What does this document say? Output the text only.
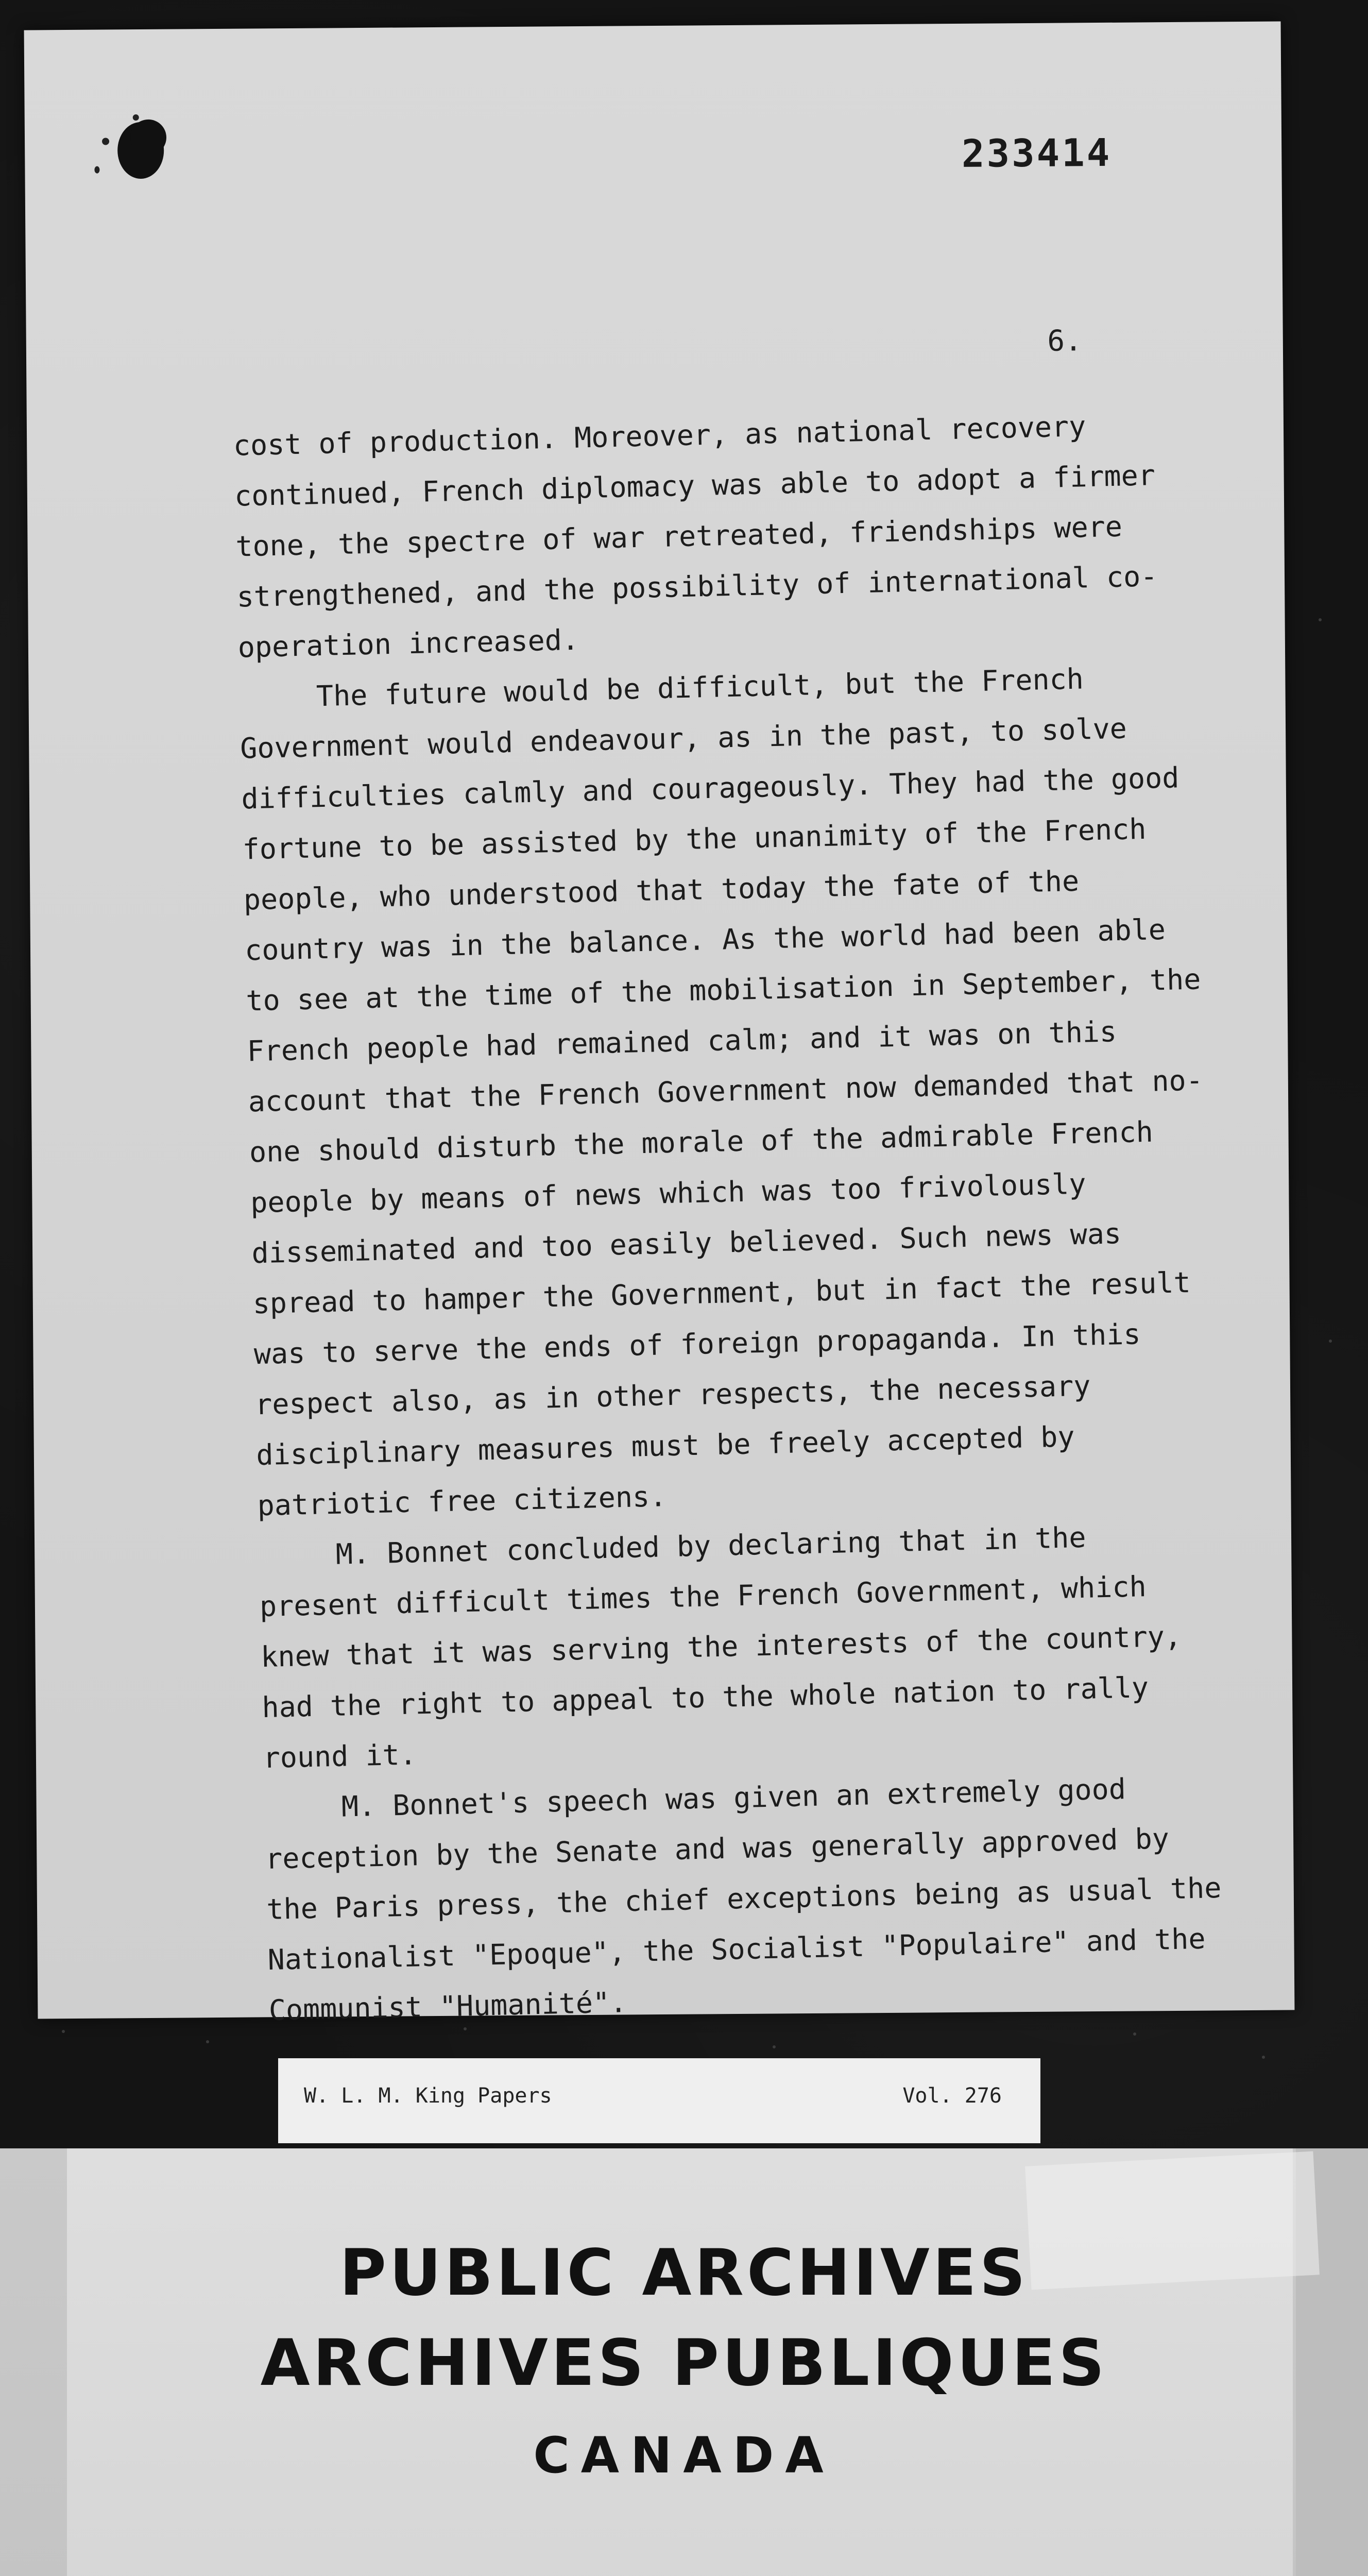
233414
6.

cost of production. Moreover, as national recovery continued, French diplomacy was able to adopt a firmer tone, the spectre of war retreated, friendships were strengthened, and the possibility of international co-operation increased.

The future would be difficult, but the French Government would endeavour, as in the past, to solve difficulties calmly and courageously. They had the good fortune to be assisted by the unanimity of the French people, who understood that today the fate of the country was in the balance. As the world had been able to see at the time of the mobilisation in September, the French people had remained calm; and it was on this account that the French Government now demanded that no-one should disturb the morale of the admirable French people by means of news which was too frivolously disseminated and too easily believed. Such news was spread to hamper the Government, but in fact the result was to serve the ends of foreign propaganda. In this respect also, as in other respects, the necessary disciplinary measures must be freely accepted by patriotic free citizens.

M. Bonnet concluded by declaring that in the present difficult times the French Government, which knew that it was serving the interests of the country, had the right to appeal to the whole nation to rally round it.

M. Bonnet's speech was given an extremely good reception by the Senate and was generally approved by the Paris press, the chief exceptions being as usual the Nationalist "Epoque", the Socialist "Populaire" and the Communist "Humanité".

W. L. M. King Papers	Vol. 276
PUBLIC ARCHIVES
ARCHIVES PUBLIQUES
CANADA
